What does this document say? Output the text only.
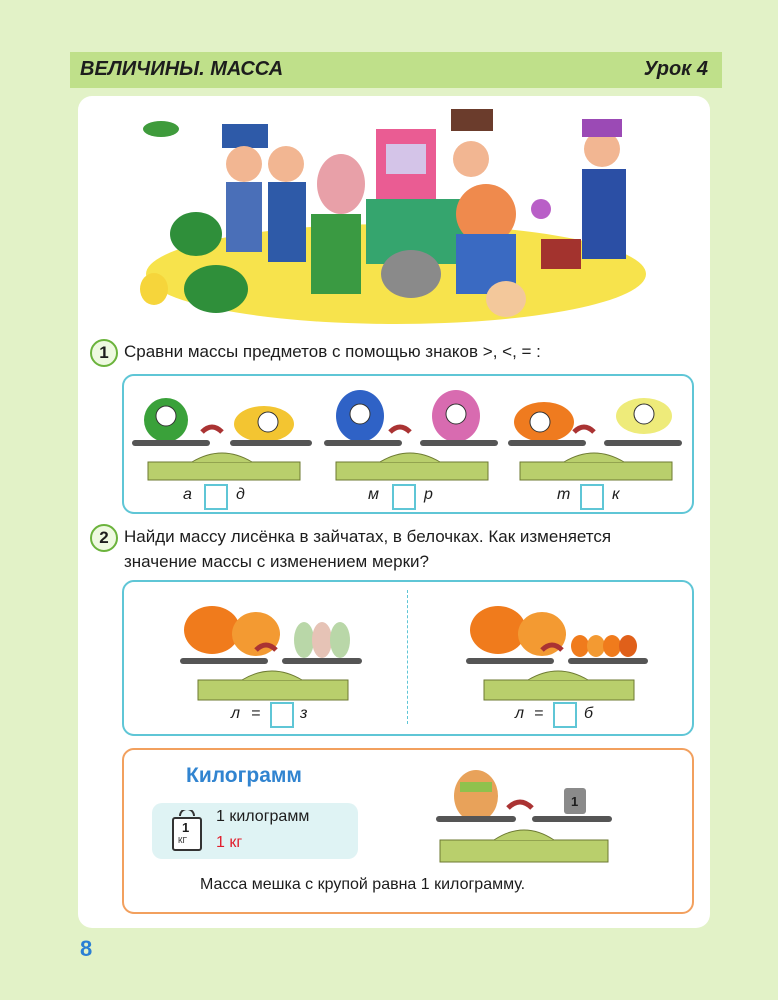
ВЕЛИЧИНЫ. МАССА	Урок 4
1 Сравни массы предметов с помощью знаков >, <, = :
а	д	м	р	т	к
2 Найди массу лисёнка в зайчатах, в белочках. Как изменяется
значение массы с изменением мерки?
л = з	л =	б
Килограмм
1
КГ
1 килограмм
1 кг
1
Масса мешка с крупой равна 1 килограмму.
8
